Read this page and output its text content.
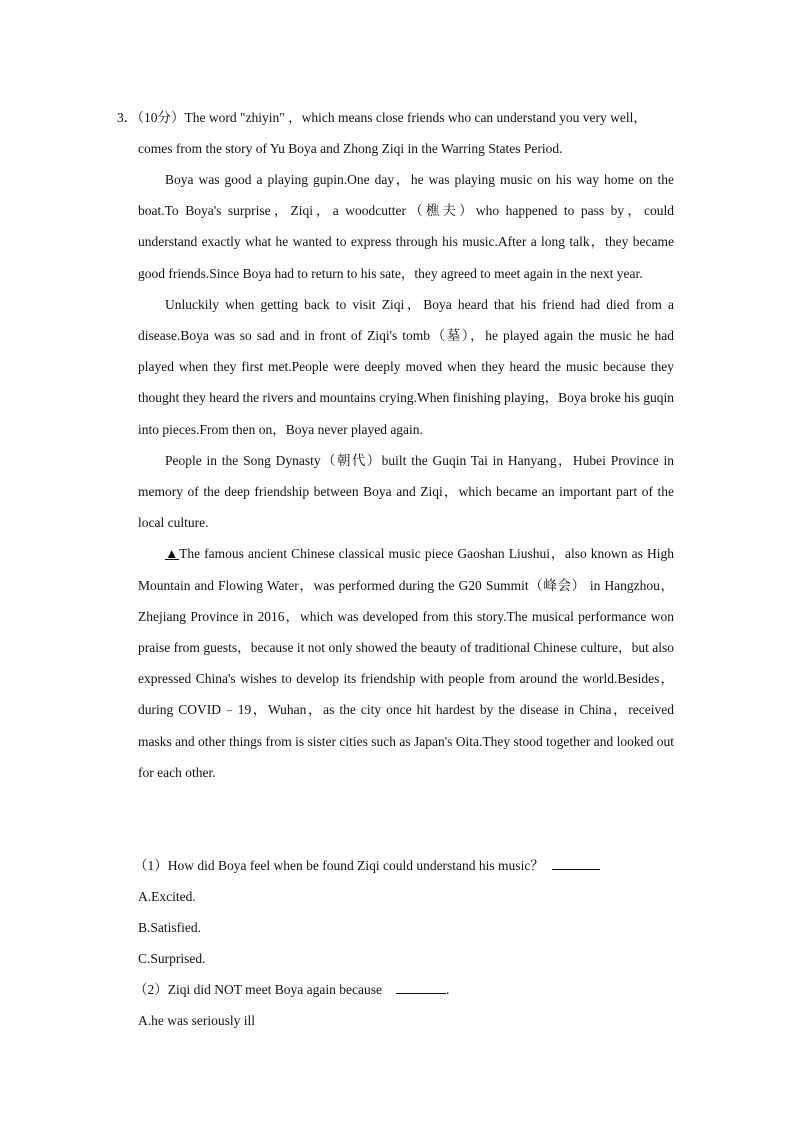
3．（10分）The word "zhiyin" ，which means close friends who can understand you very well，
comes from the story of Yu Boya and Zhong Ziqi in the Warring States Period.

Boya was good a playing gupin.One day，he was playing music on his way home on the boat.To Boya's surprise，Ziqi，a woodcutter（樵夫）who happened to pass by，could understand exactly what he wanted to express through his music.After a long talk，they became good friends.Since Boya had to return to his sate，they agreed to meet again in the next year.

Unluckily when getting back to visit Ziqi，Boya heard that his friend had died from a disease.Boya was so sad and in front of Ziqi's tomb（墓），he played again the music he had played when they first met.People were deeply moved when they heard the music because they thought they heard the rivers and mountains crying.When finishing playing，Boya broke his guqin into pieces.From then on，Boya never played again.

People in the Song Dynasty（朝代）built the Guqin Tai in Hanyang，Hubei Province in memory of the deep friendship between Boya and Ziqi，which became an important part of the local culture.

▲The famous ancient Chinese classical music piece Gaoshan Liushui，also known as High Mountain and Flowing Water，was performed during the G20 Summit（峰会） in Hangzhou，Zhejiang Province in 2016，which was developed from this story.The musical performance won praise from guests，because it not only showed the beauty of traditional Chinese culture，but also expressed China's wishes to develop its friendship with people from around the world.Besides，during COVID﹣19，Wuhan，as the city once hit hardest by the disease in China，received masks and other things from is sister cities such as Japan's Oita.They stood together and looked out for each other.

（1）How did Boya feel when be found Ziqi could understand his music？
A.Excited.
B.Satisfied.
C.Surprised.
（2）Ziqi did NOT meet Boya again because	.
A.he was seriously ill
